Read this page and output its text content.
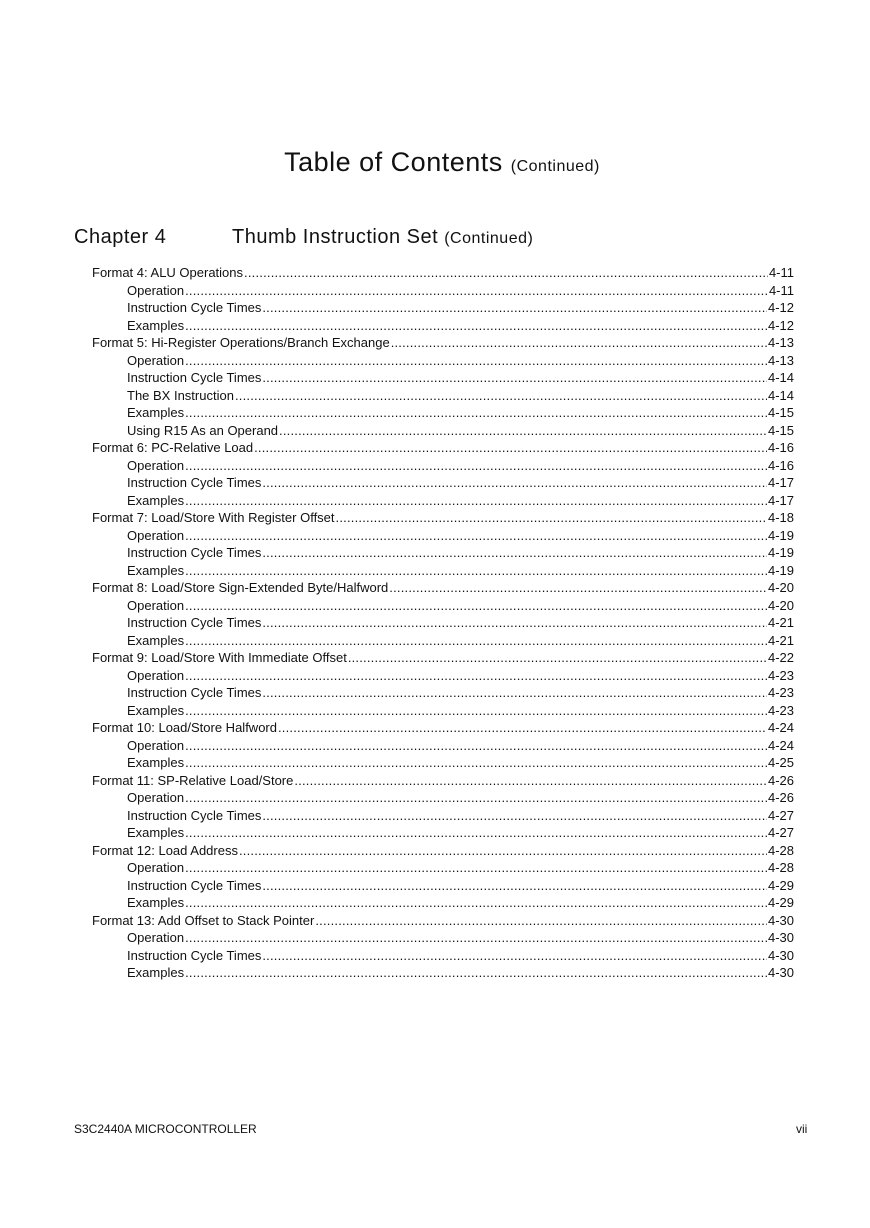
Table of Contents (Continued)
Chapter 4	Thumb Instruction Set (Continued)
Format 4: ALU Operations .....	4-11
Operation .....	4-11
Instruction Cycle Times .....	4-12
Examples .....	4-12
Format 5: Hi-Register Operations/Branch Exchange .....	4-13
Operation .....	4-13
Instruction Cycle Times .....	4-14
The BX Instruction .....	4-14
Examples .....	4-15
Using R15 As an Operand .....	4-15
Format 6: PC-Relative Load .....	4-16
Operation .....	4-16
Instruction Cycle Times .....	4-17
Examples .....	4-17
Format 7: Load/Store With Register Offset .....	4-18
Operation .....	4-19
Instruction Cycle Times .....	4-19
Examples .....	4-19
Format 8: Load/Store Sign-Extended Byte/Halfword .....	4-20
Operation .....	4-20
Instruction Cycle Times .....	4-21
Examples .....	4-21
Format 9: Load/Store With Immediate Offset .....	4-22
Operation .....	4-23
Instruction Cycle Times .....	4-23
Examples .....	4-23
Format 10: Load/Store Halfword .....	4-24
Operation .....	4-24
Examples .....	4-25
Format 11: SP-Relative Load/Store .....	4-26
Operation .....	4-26
Instruction Cycle Times .....	4-27
Examples .....	4-27
Format 12: Load Address .....	4-28
Operation .....	4-28
Instruction Cycle Times .....	4-29
Examples .....	4-29
Format 13: Add Offset to Stack Pointer .....	4-30
Operation .....	4-30
Instruction Cycle Times .....	4-30
Examples .....	4-30
S3C2440A MICROCONTROLLER	vii
